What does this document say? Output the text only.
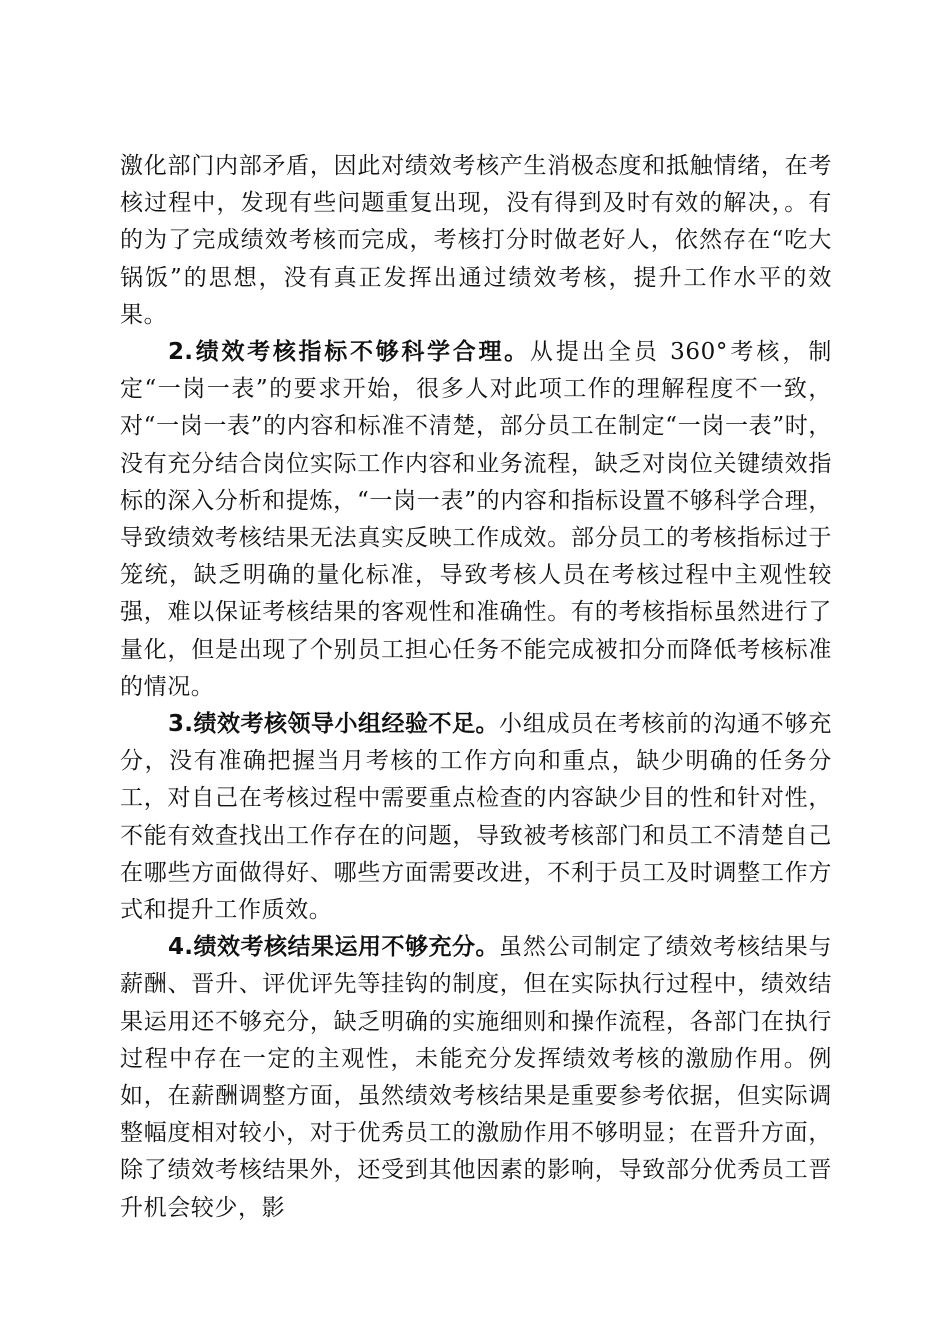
激化部门内部矛盾，因此对绩效考核产生消极态度和抵触情绪，在考核过程中，发现有些问题重复出现，没有得到及时有效的解决，。有的为了完成绩效考核而完成，考核打分时做老好人，依然存在“吃大锅饭”的思想，没有真正发挥出通过绩效考核，提升工作水平的效果。

2.绩效考核指标不够科学合理。从提出全员 360°考核，制定“一岗一表”的要求开始，很多人对此项工作的理解程度不一致，对“一岗一表”的内容和标准不清楚，部分员工在制定“一岗一表”时，没有充分结合岗位实际工作内容和业务流程，缺乏对岗位关键绩效指标的深入分析和提炼，“一岗一表”的内容和指标设置不够科学合理，导致绩效考核结果无法真实反映工作成效。部分员工的考核指标过于笼统，缺乏明确的量化标准，导致考核人员在考核过程中主观性较强，难以保证考核结果的客观性和准确性。有的考核指标虽然进行了量化，但是出现了个别员工担心任务不能完成被扣分而降低考核标准的情况。

3.绩效考核领导小组经验不足。小组成员在考核前的沟通不够充分，没有准确把握当月考核的工作方向和重点，缺少明确的任务分工，对自己在考核过程中需要重点检查的内容缺少目的性和针对性，不能有效查找出工作存在的问题，导致被考核部门和员工不清楚自己在哪些方面做得好、哪些方面需要改进，不利于员工及时调整工作方式和提升工作质效。

4.绩效考核结果运用不够充分。虽然公司制定了绩效考核结果与薪酬、晋升、评优评先等挂钩的制度，但在实际执行过程中，绩效结果运用还不够充分，缺乏明确的实施细则和操作流程，各部门在执行过程中存在一定的主观性，未能充分发挥绩效考核的激励作用。例如，在薪酬调整方面，虽然绩效考核结果是重要参考依据，但实际调整幅度相对较小，对于优秀员工的激励作用不够明显；在晋升方面，除了绩效考核结果外，还受到其他因素的影响，导致部分优秀员工晋升机会较少，影
